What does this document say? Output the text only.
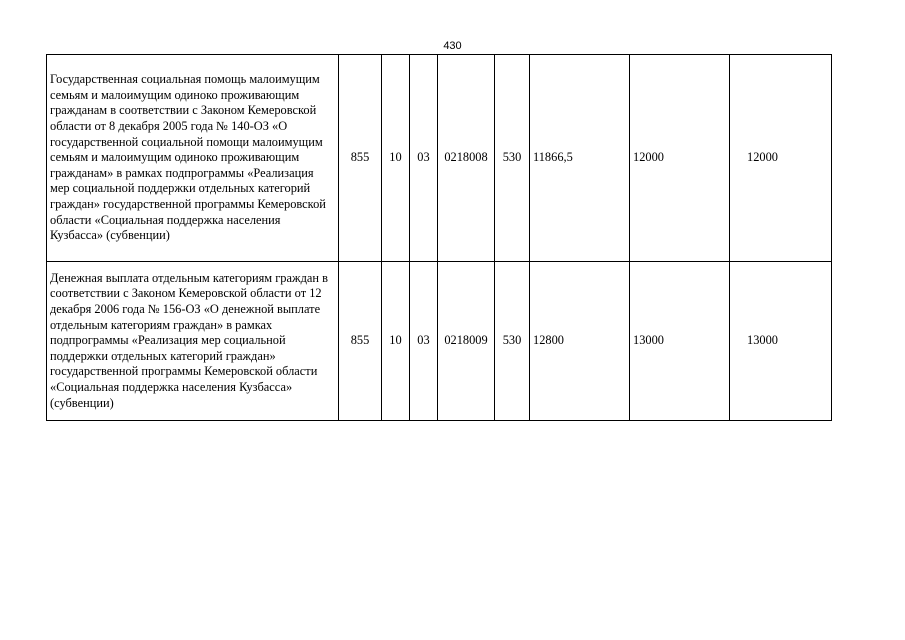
430
Государственная социальная помощь малоимущим семьям и малоимущим одиноко проживающим гражданам в соответствии с Законом Кемеровской области от 8 декабря 2005 года № 140-ОЗ «О государственной социальной помощи малоимущим семьям и малоимущим одиноко проживающим гражданам» в рамках подпрограммы «Реализация мер социальной поддержки отдельных категорий граждан» государственной программы Кемеровской области «Социальная поддержка населения Кузбасса» (субвенции)	855	10	03	0218008	530	11866,5	12000	12000
Денежная выплата отдельным категориям граждан в соответствии с Законом Кемеровской области от 12 декабря 2006 года № 156-ОЗ «О денежной выплате отдельным категориям граждан» в рамках подпрограммы «Реализация мер социальной поддержки отдельных категорий граждан» государственной программы Кемеровской области «Социальная поддержка населения Кузбасса» (субвенции)	855	10	03	0218009	530	12800	13000	13000
